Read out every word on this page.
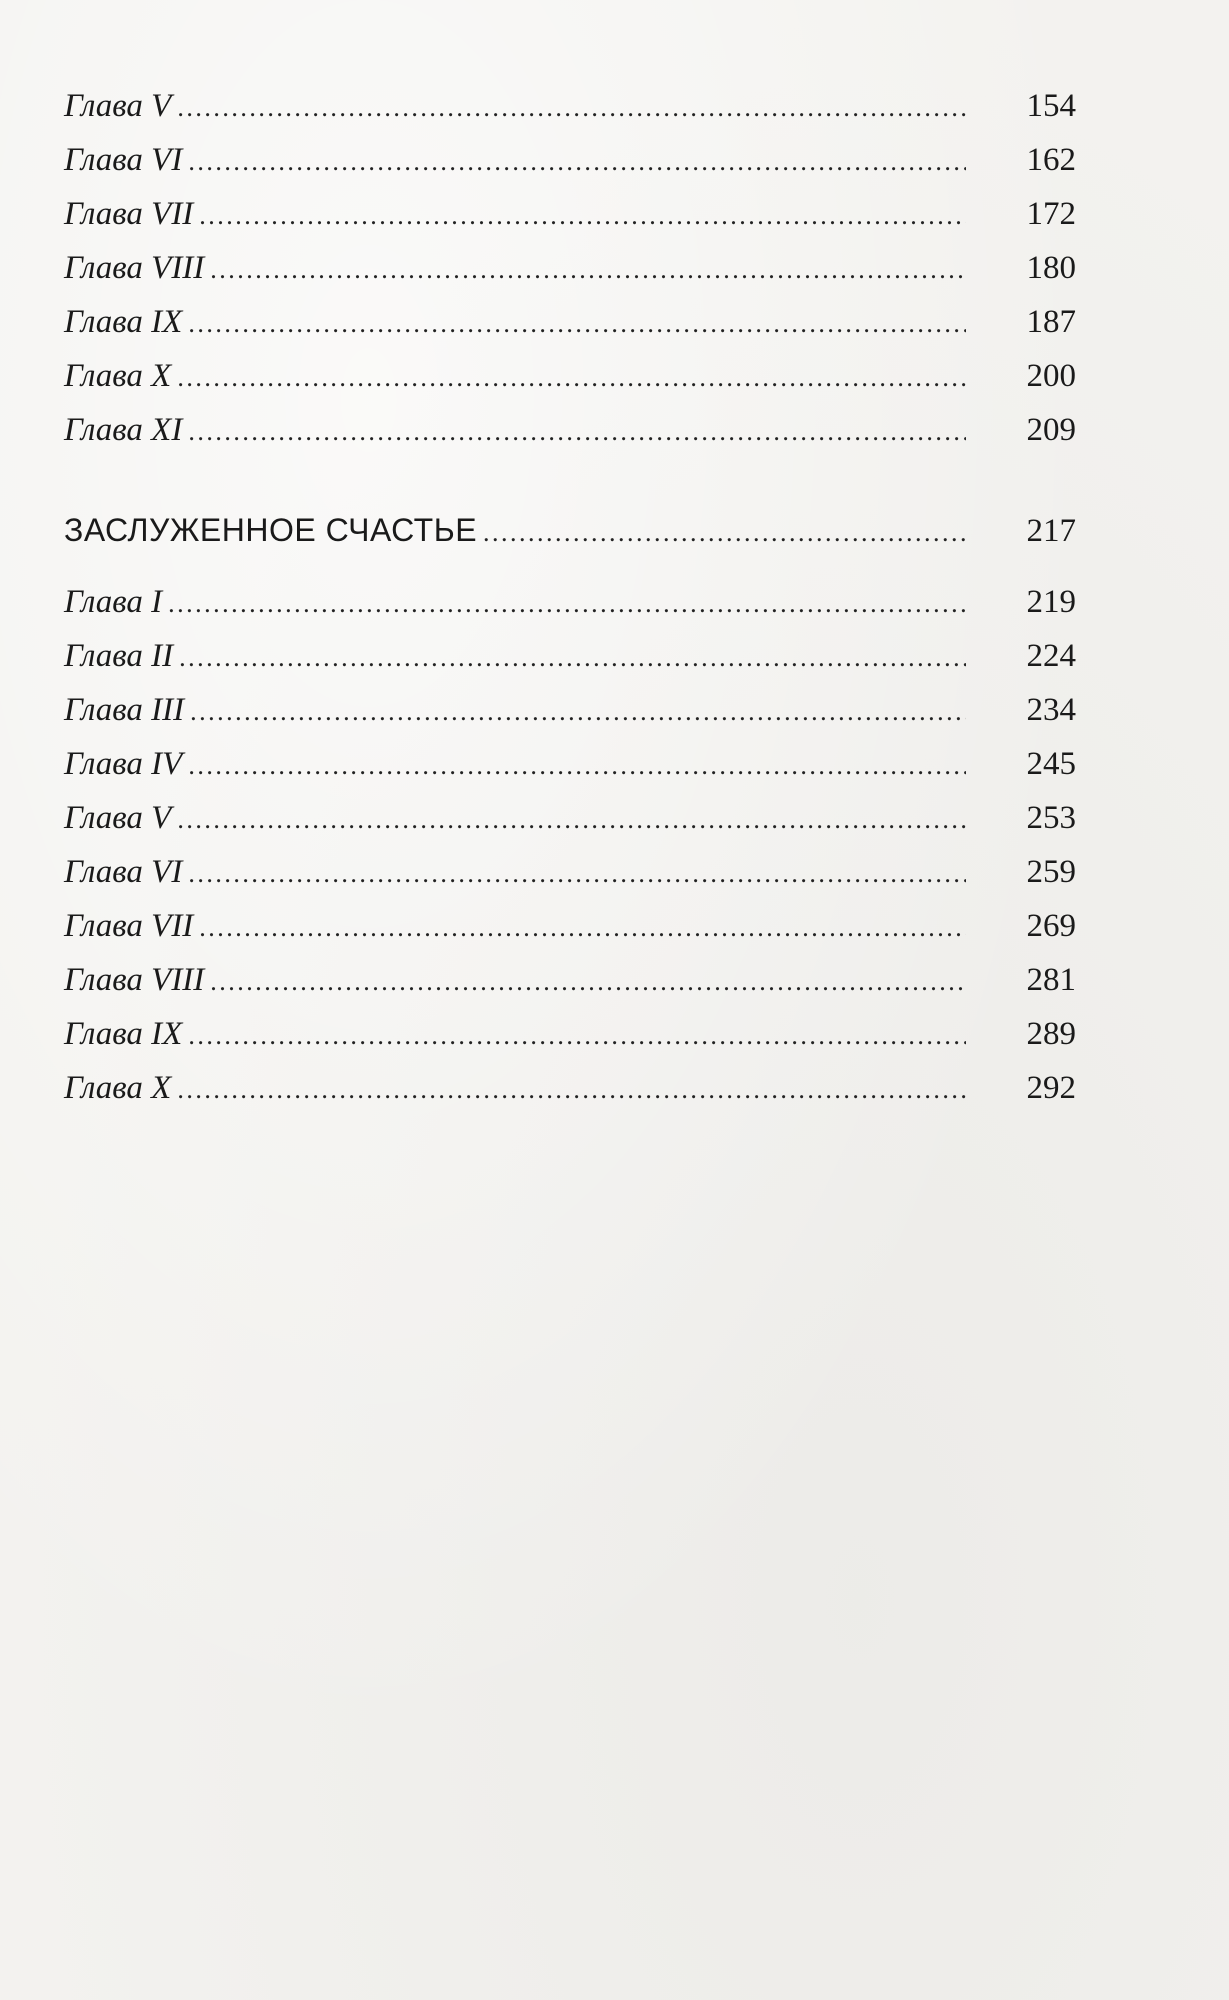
Глава V .....	154
Глава VI .....	162
Глава VII .....	172
Глава VIII .....	180
Глава IX .....	187
Глава X .....	200
Глава XI .....	209
ЗАСЛУЖЕННОЕ СЧАСТЬЕ .....	217
Глава I .....	219
Глава II .....	224
Глава III .....	234
Глава IV .....	245
Глава V .....	253
Глава VI .....	259
Глава VII .....	269
Глава VIII .....	281
Глава IX .....	289
Глава X .....	292
